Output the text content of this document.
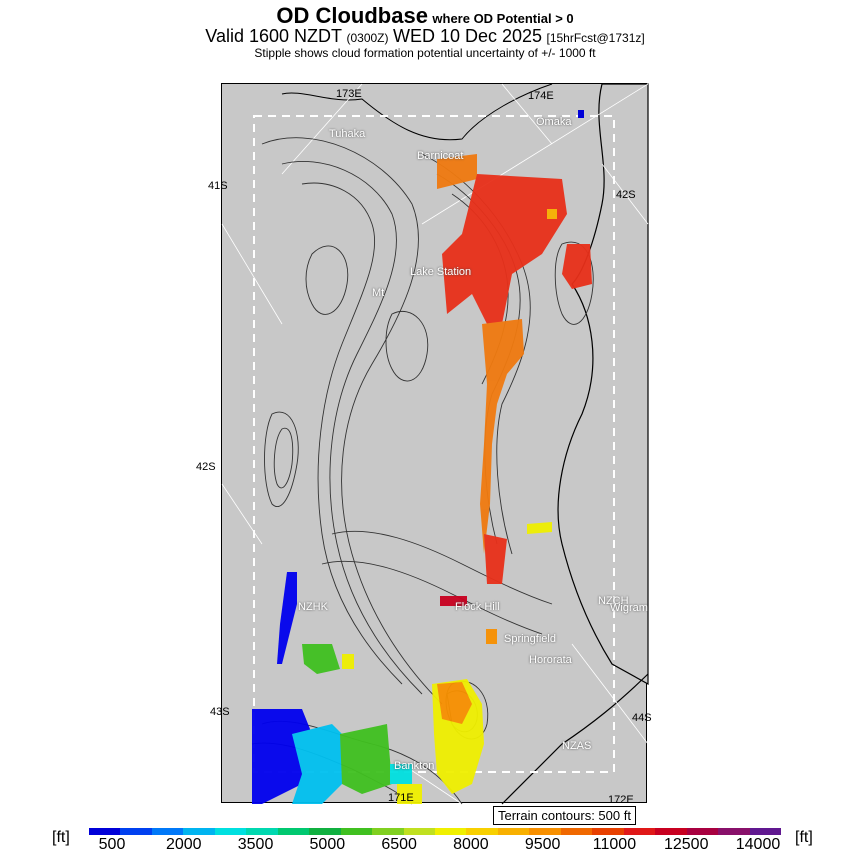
OD Cloudbase where OD Potential > 0
Valid 1600 NZDT (0300Z) WED 10 Dec 2025 [15hrFcst@1731z]
Stipple shows cloud formation potential uncertainty of +/- 1000 ft
41S
42S
42S
43S	44S
173E	174E
171E	172E
Omaka
Tuhaka
Barnicoat
Lake Station
Mt
NZHK	Flock Hill
Springfield
Hororata
NZCH
Wigram
NZAS
Bankton
Terrain contours: 500 ft
[ft] 500	2000 3500 5000 6500 8000 9500 11000 12500 14000 [ft]
